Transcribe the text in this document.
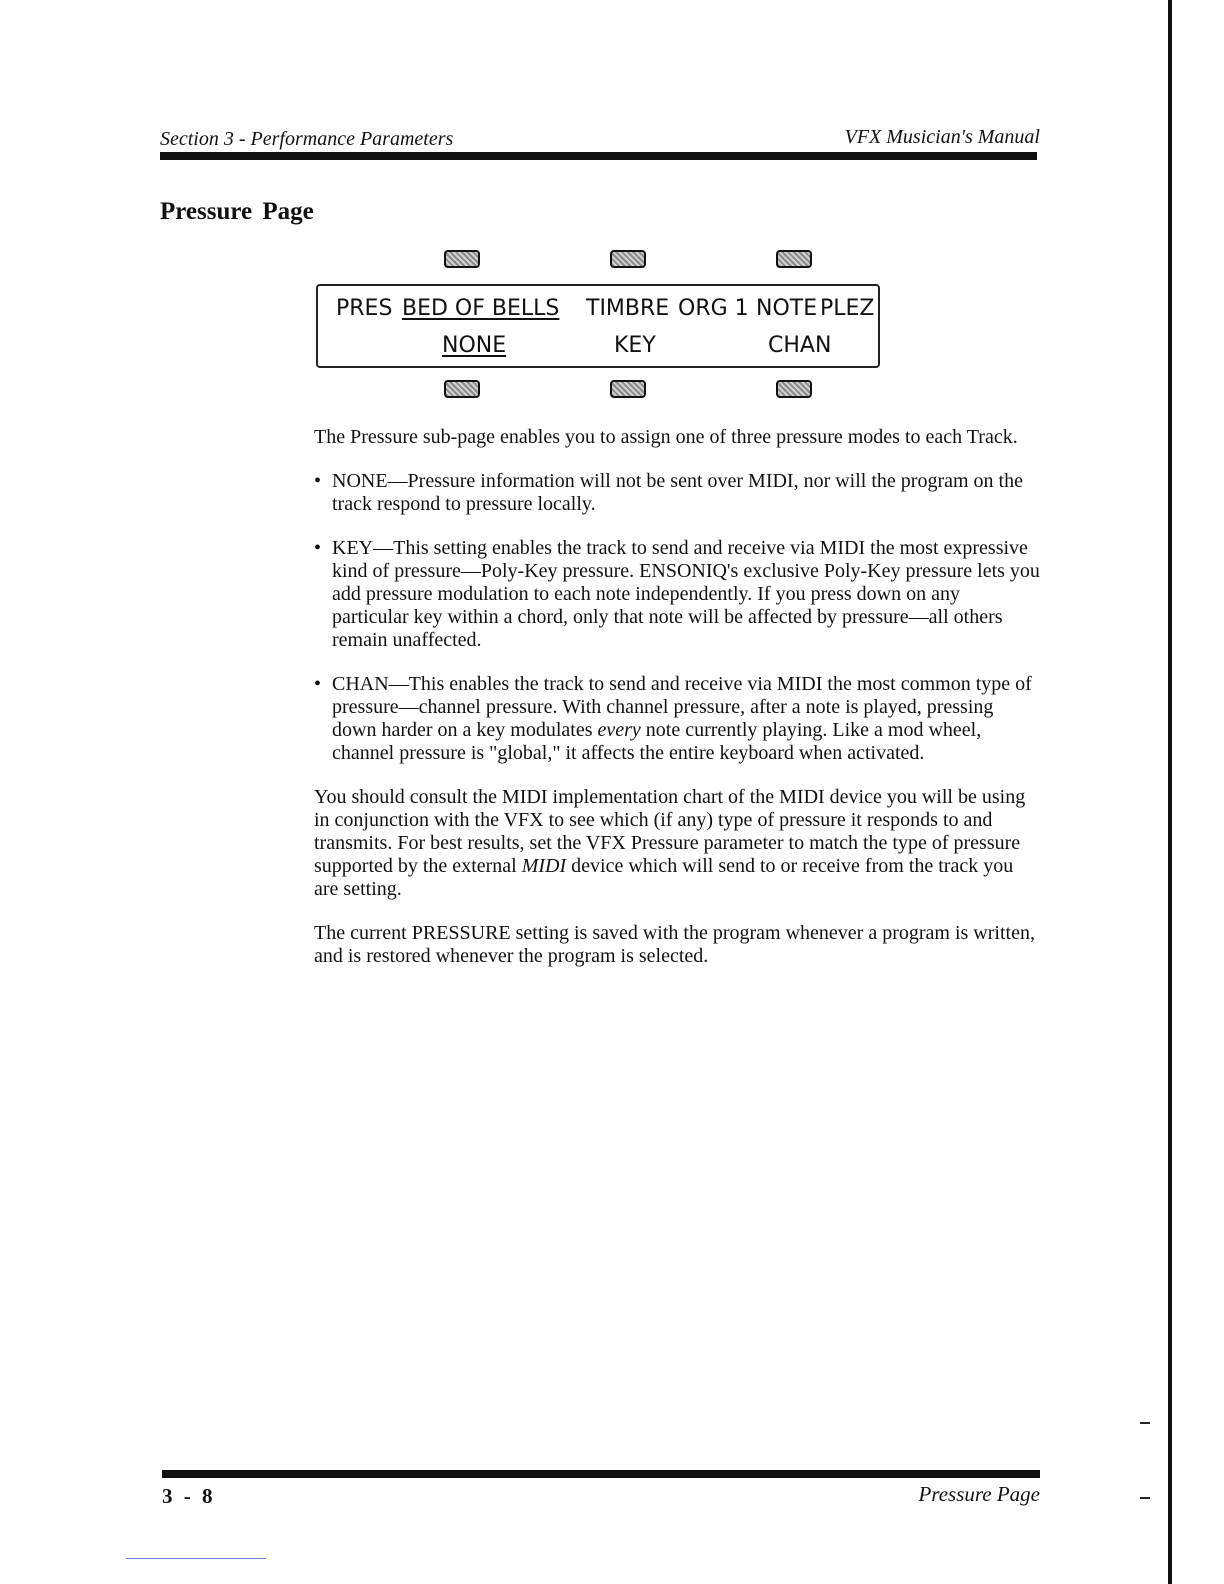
Section 3 - Performance Parameters	VFX Musician's Manual
Pressure Page
PRES BED OF BELLS TIMBRE ORG 1 NOTE PLEZ
NONE	KEY	CHAN

The Pressure sub-page enables you to assign one of three pressure modes to each Track.

• NONE—Pressure information will not be sent over MIDI, nor will the program on the track respond to pressure locally.
• KEY—This setting enables the track to send and receive via MIDI the most expressive kind of pressure—Poly-Key pressure. ENSONIQ's exclusive Poly-Key pressure lets you add pressure modulation to each note independently. If you press down on any particular key within a chord, only that note will be affected by pressure—all others remain unaffected.
• CHAN—This enables the track to send and receive via MIDI the most common type of pressure—channel pressure. With channel pressure, after a note is played, pressing down harder on a key modulates every note currently playing. Like a mod wheel, channel pressure is "global," it affects the entire keyboard when activated.

You should consult the MIDI implementation chart of the MIDI device you will be using in conjunction with the VFX to see which (if any) type of pressure it responds to and transmits. For best results, set the VFX Pressure parameter to match the type of pressure supported by the external MIDI device which will send to or receive from the track you are setting.

The current PRESSURE setting is saved with the program whenever a program is written, and is restored whenever the program is selected.

3 - 8	Pressure Page
